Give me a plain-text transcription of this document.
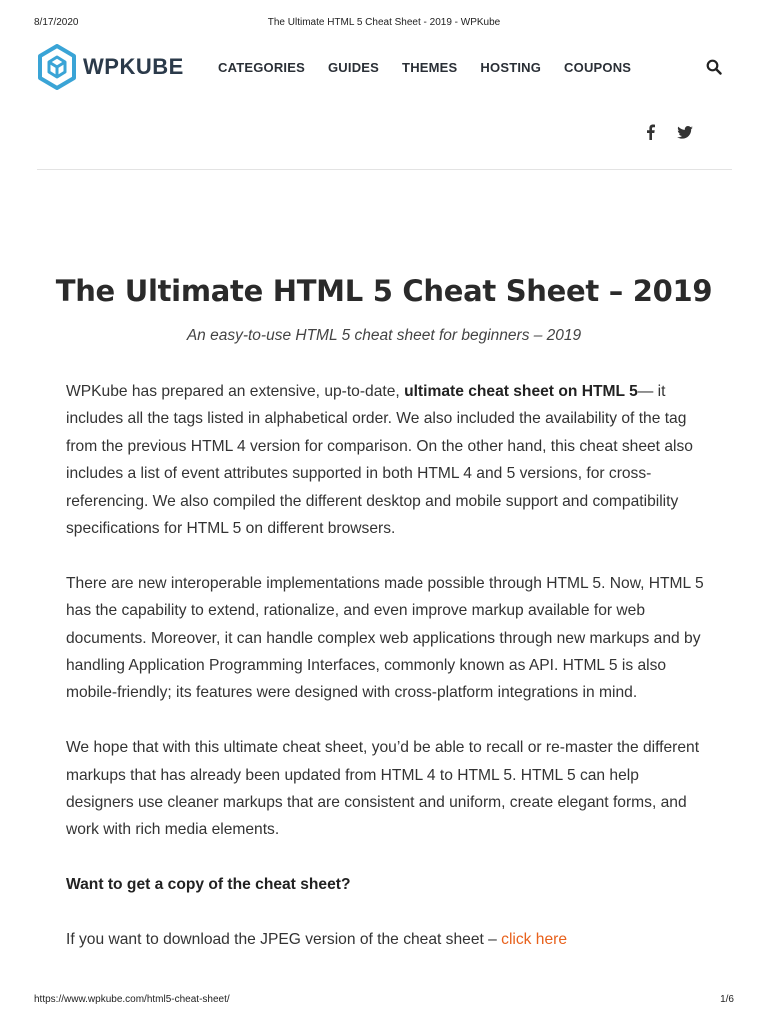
8/17/2020	The Ultimate HTML 5 Cheat Sheet - 2019 - WPKube
WPKUBE	CATEGORIES GUIDES THEMES HOSTING COUPONS
The Ultimate HTML 5 Cheat Sheet – 2019
An easy-to-use HTML 5 cheat sheet for beginners – 2019

WPKube has prepared an extensive, up-to-date, ultimate cheat sheet on HTML 5— it includes all the tags listed in alphabetical order. We also included the availability of the tag from the previous HTML 4 version for comparison. On the other hand, this cheat sheet also includes a list of event attributes supported in both HTML 4 and 5 versions, for cross-referencing. We also compiled the different desktop and mobile support and compatibility specifications for HTML 5 on different browsers.

There are new interoperable implementations made possible through HTML 5. Now, HTML 5 has the capability to extend, rationalize, and even improve markup available for web documents. Moreover, it can handle complex web applications through new markups and by handling Application Programming Interfaces, commonly known as API. HTML 5 is also mobile-friendly; its features were designed with cross-platform integrations in mind.

We hope that with this ultimate cheat sheet, you’d be able to recall or re-master the different markups that has already been updated from HTML 4 to HTML 5. HTML 5 can help designers use cleaner markups that are consistent and uniform, create elegant forms, and work with rich media elements.

Want to get a copy of the cheat sheet?

If you want to download the JPEG version of the cheat sheet – click here

https://www.wpkube.com/html5-cheat-sheet/	1/6
